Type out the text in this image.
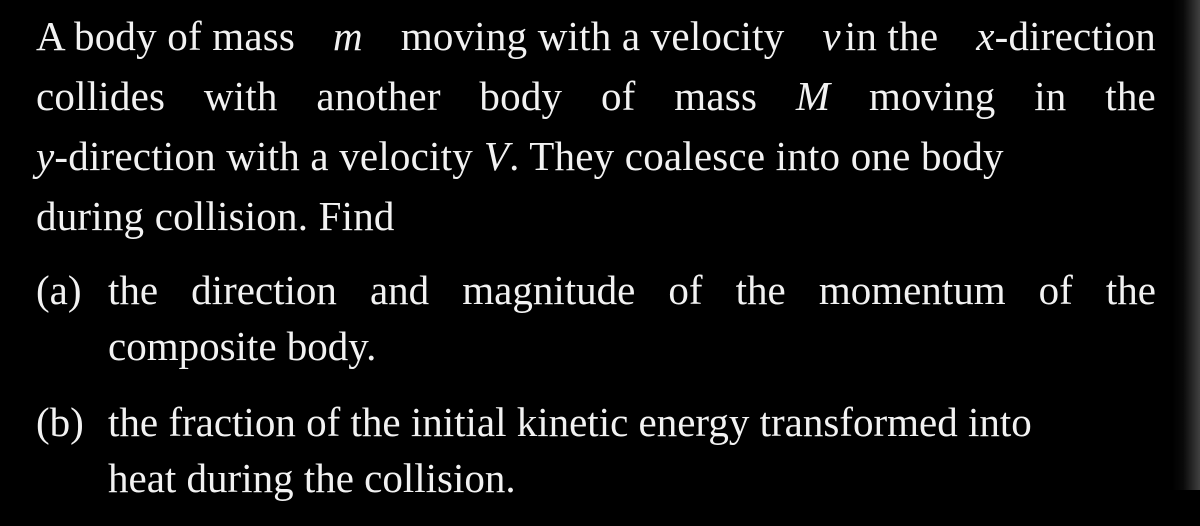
A body of mass m moving with a velocity v in the x -direction
collides with another body of mass M moving in the
y -direction with a velocity V . They coalesce into one body
during collision. Find
(a) the direction and magnitude of the momentum of the
composite body.
(b) the fraction of the initial kinetic energy transformed into
heat during the collision.
